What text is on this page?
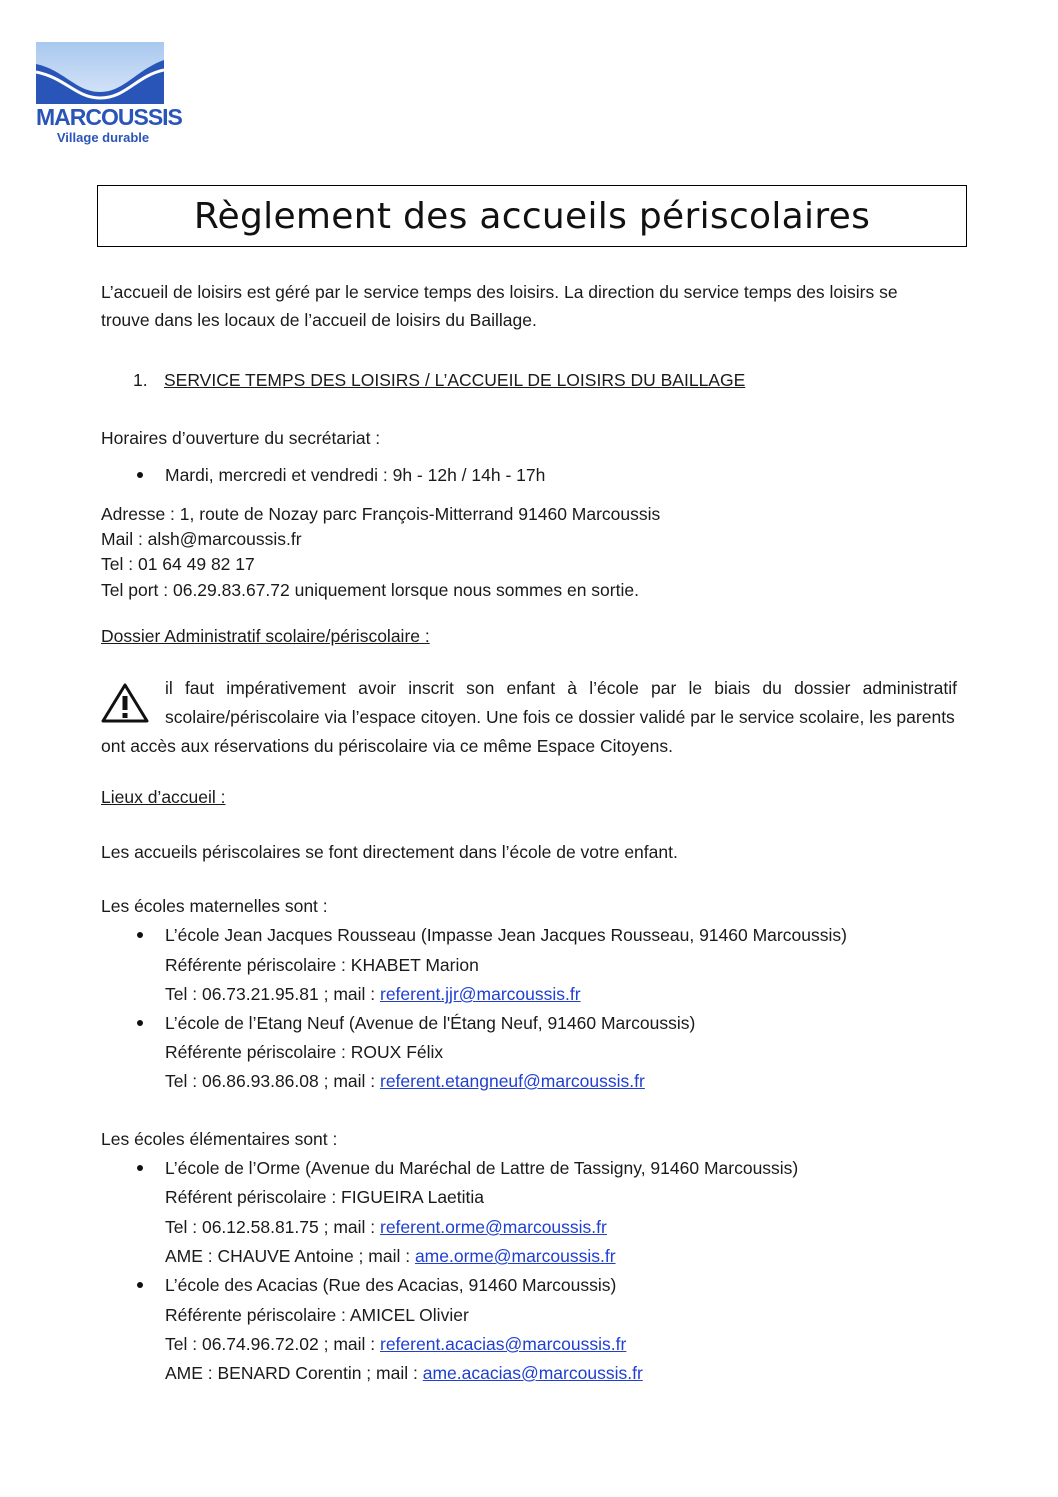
MARCOUSSIS
Village durable
Règlement des accueils périscolaires
L’accueil de loisirs est géré par le service temps des loisirs. La direction du service temps des loisirs se
trouve dans les locaux de l’accueil de loisirs du Baillage.
1. SERVICE TEMPS DES LOISIRS / L’ACCUEIL DE LOISIRS DU BAILLAGE
Horaires d’ouverture du secrétariat :
Mardi, mercredi et vendredi : 9h - 12h / 14h - 17h
Adresse : 1, route de Nozay parc François-Mitterrand 91460 Marcoussis
Mail : alsh@marcoussis.fr
Tel : 01 64 49 82 17
Tel port : 06.29.83.67.72 uniquement lorsque nous sommes en sortie.
Dossier Administratif scolaire/périscolaire :
il faut impérativement avoir inscrit son enfant à l’école par le biais du dossier administratif
scolaire/périscolaire via l’espace citoyen. Une fois ce dossier validé par le service scolaire, les parents
ont accès aux réservations du périscolaire via ce même Espace Citoyens.
Lieux d’accueil :
Les accueils périscolaires se font directement dans l’école de votre enfant.
Les écoles maternelles sont :
L’école Jean Jacques Rousseau (Impasse Jean Jacques Rousseau, 91460 Marcoussis)
Référente périscolaire : KHABET Marion
Tel : 06.73.21.95.81 ; mail : referent.jjr@marcoussis.fr
L’école de l’Etang Neuf (Avenue de l'Étang Neuf, 91460 Marcoussis)
Référente périscolaire : ROUX Félix
Tel : 06.86.93.86.08 ; mail : referent.etangneuf@marcoussis.fr
Les écoles élémentaires sont :
L’école de l’Orme (Avenue du Maréchal de Lattre de Tassigny, 91460 Marcoussis)
Référent périscolaire : FIGUEIRA Laetitia
Tel : 06.12.58.81.75 ; mail : referent.orme@marcoussis.fr
AME : CHAUVE Antoine ; mail : ame.orme@marcoussis.fr
L’école des Acacias (Rue des Acacias, 91460 Marcoussis)
Référente périscolaire : AMICEL Olivier
Tel : 06.74.96.72.02 ; mail : referent.acacias@marcoussis.fr
AME : BENARD Corentin ; mail : ame.acacias@marcoussis.fr
